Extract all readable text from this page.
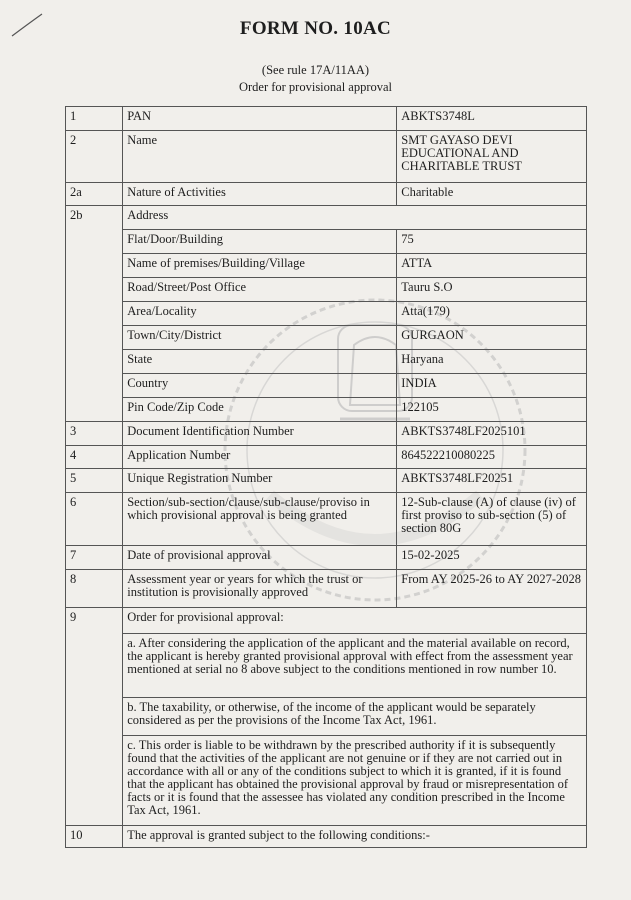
FORM NO. 10AC
(See rule 17A/11AA)
Order for provisional approval
1	PAN	ABKTS3748L
2	Name	SMT GAYASO DEVI EDUCATIONAL AND CHARITABLE TRUST
2a	Nature of Activities	Charitable
2b	Address	
	Flat/Door/Building	75
	Name of premises/Building/Village	ATTA
	Road/Street/Post Office	Tauru S.O
	Area/Locality	Atta(179)
	Town/City/District	GURGAON
	State	Haryana
	Country	INDIA
	Pin Code/Zip Code	122105
3	Document Identification Number	ABKTS3748LF2025101
4	Application Number	864522210080225
5	Unique Registration Number	ABKTS3748LF20251
6	Section/sub-section/clause/sub-clause/proviso in which provisional approval is being granted	12-Sub-clause (A) of clause (iv) of first proviso to sub-section (5) of section 80G
7	Date of provisional approval	15-02-2025
8	Assessment year or years for which the trust or institution is provisionally approved	From AY 2025-26 to AY 2027-2028
9	Order for provisional approval:	
	a. After considering the application of the applicant and the material available on record, the applicant is hereby granted provisional approval with effect from the assessment year mentioned at serial no 8 above subject to the conditions mentioned in row number 10.	
	b. The taxability, or otherwise, of the income of the applicant would be separately considered as per the provisions of the Income Tax Act, 1961.	
	c. This order is liable to be withdrawn by the prescribed authority if it is subsequently found that the activities of the applicant are not genuine or if they are not carried out in accordance with all or any of the conditions subject to which it is granted, if it is found that the applicant has obtained the provisional approval by fraud or misrepresentation of facts or it is found that the assessee has violated any condition prescribed in the Income Tax Act, 1961.	
10	The approval is granted subject to the following conditions:-	
